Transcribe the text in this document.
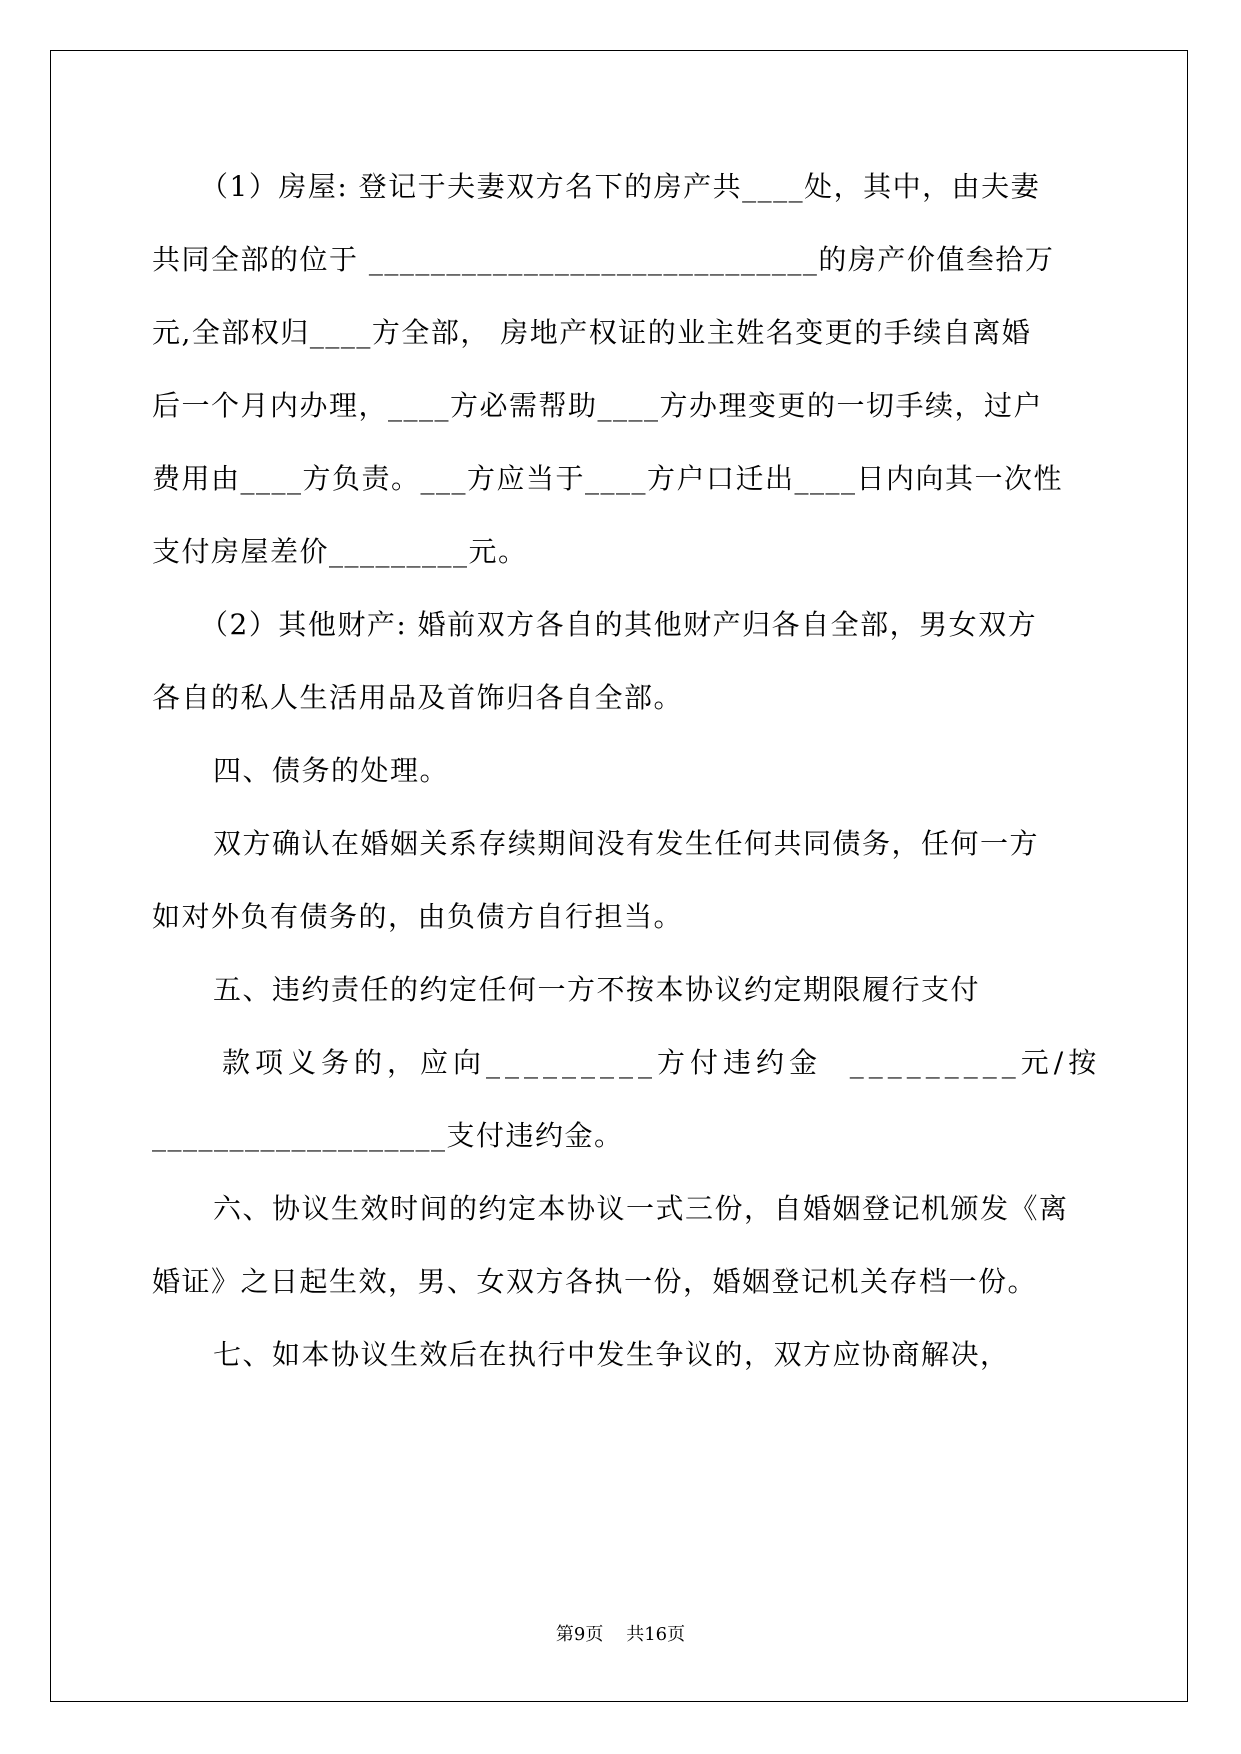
（1）房屋: 登记于夫妻双方名下的房产共____处，其中，由夫妻

共同全部的位于 _____________________________的房产价值叁拾万

元,全部权归____方全部， 房地产权证的业主姓名变更的手续自离婚

后一个月内办理，____方必需帮助____方办理变更的一切手续，过户

费用由____方负责。___方应当于____方户口迁出____日内向其一次性

支付房屋差价_________元。

（2）其他财产: 婚前双方各自的其他财产归各自全部，男女双方

各自的私人生活用品及首饰归各自全部。

四、债务的处理。

双方确认在婚姻关系存续期间没有发生任何共同债务，任何一方

如对外负有债务的，由负债方自行担当。

五、违约责任的约定任何一方不按本协议约定期限履行支付

款项义务的，应向_________方付违约金  _________元/按

___________________支付违约金。

六、协议生效时间的约定本协议一式三份，自婚姻登记机颁发《离

婚证》之日起生效，男、女双方各执一份，婚姻登记机关存档一份。

七、如本协议生效后在执行中发生争议的，双方应协商解决，

第9页    共16页
